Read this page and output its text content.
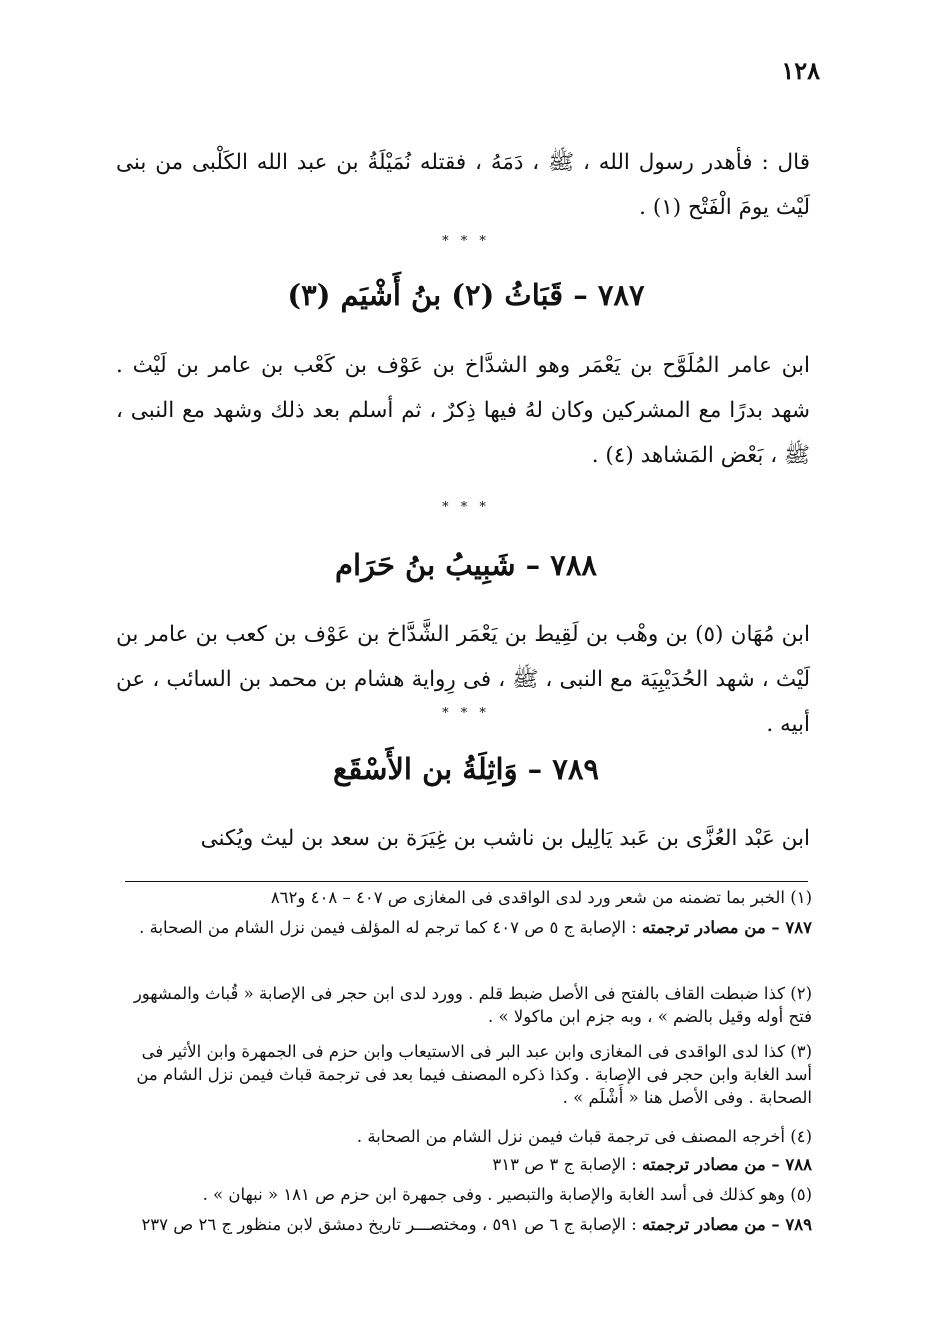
١٢٨
قال : فأهدر رسول الله ، ﷺ ، دَمَهُ ، فقتله نُمَيْلَةُ بن عبد الله الكَلْبى من بنى لَيْث يومَ الْفَتْح (١) .
* * *
٧٨٧ – قَبَاثُ (٢) بنُ أَشْيَم (٣)
ابن عامر المُلَوَّح بن يَعْمَر وهو الشدَّاخ بن عَوْف بن كَعْب بن عامر بن لَيْث . شهد بدرًا مع المشركين وكان لهُ فيها ذِكرٌ ، ثم أسلم بعد ذلك وشهد مع النبى ، ﷺ ، بَعْض المَشاهد (٤) .
* * *
٧٨٨ – شَبِيبُ بنُ حَرَام
ابن مُهَان (٥) بن وهْب بن لَقِيط بن يَعْمَر الشَّدَّاخ بن عَوْف بن كعب بن عامر بن لَيْث ، شهد الحُدَيْبِيَة مع النبى ، ﷺ ، فى رِواية هشام بن محمد بن السائب ، عن أبيه .
* * *
٧٨٩ – وَاثِلَةُ بن الأَسْقَع
ابن عَبْد العُزَّى بن عَبد يَالِيل بن ناشب بن غِيَرَة بن سعد بن ليث ويُكنى
(١) الخبر بما تضمنه من شعر ورد لدى الواقدى فى المغازى ص ٤٠٧ – ٤٠٨ و٨٦٢
٧٨٧ – من مصادر ترجمته : الإصابة ج ٥ ص ٤٠٧ كما ترجم له المؤلف فيمن نزل الشام من الصحابة .
(٢) كذا ضبطت القاف بالفتح فى الأصل ضبط قلم . وورد لدى ابن حجر فى الإصابة « قُباث والمشهور فتح أوله وقيل بالضم » ، وبه جزم ابن ماكولا » .
(٣) كذا لدى الواقدى فى المغازى وابن عبد البر فى الاستيعاب وابن حزم فى الجمهرة وابن الأثير فى أسد الغابة وابن حجر فى الإصابة . وكذا ذكره المصنف فيما بعد فى ترجمة قباث فيمن نزل الشام من الصحابة . وفى الأصل هنا « أَشْلَم » .
(٤) أخرجه المصنف فى ترجمة قباث فيمن نزل الشام من الصحابة .
٧٨٨ – من مصادر ترجمته : الإصابة ج ٣ ص ٣١٣
(٥) وهو كذلك فى أسد الغابة والإصابة والتبصير . وفى جمهرة ابن حزم ص ١٨١ « نبهان » .
٧٨٩ – من مصادر ترجمته : الإصابة ج ٦ ص ٥٩١ ، ومختصـــر تاريخ دمشق لابن منظور ج ٢٦ ص ٢٣٧
